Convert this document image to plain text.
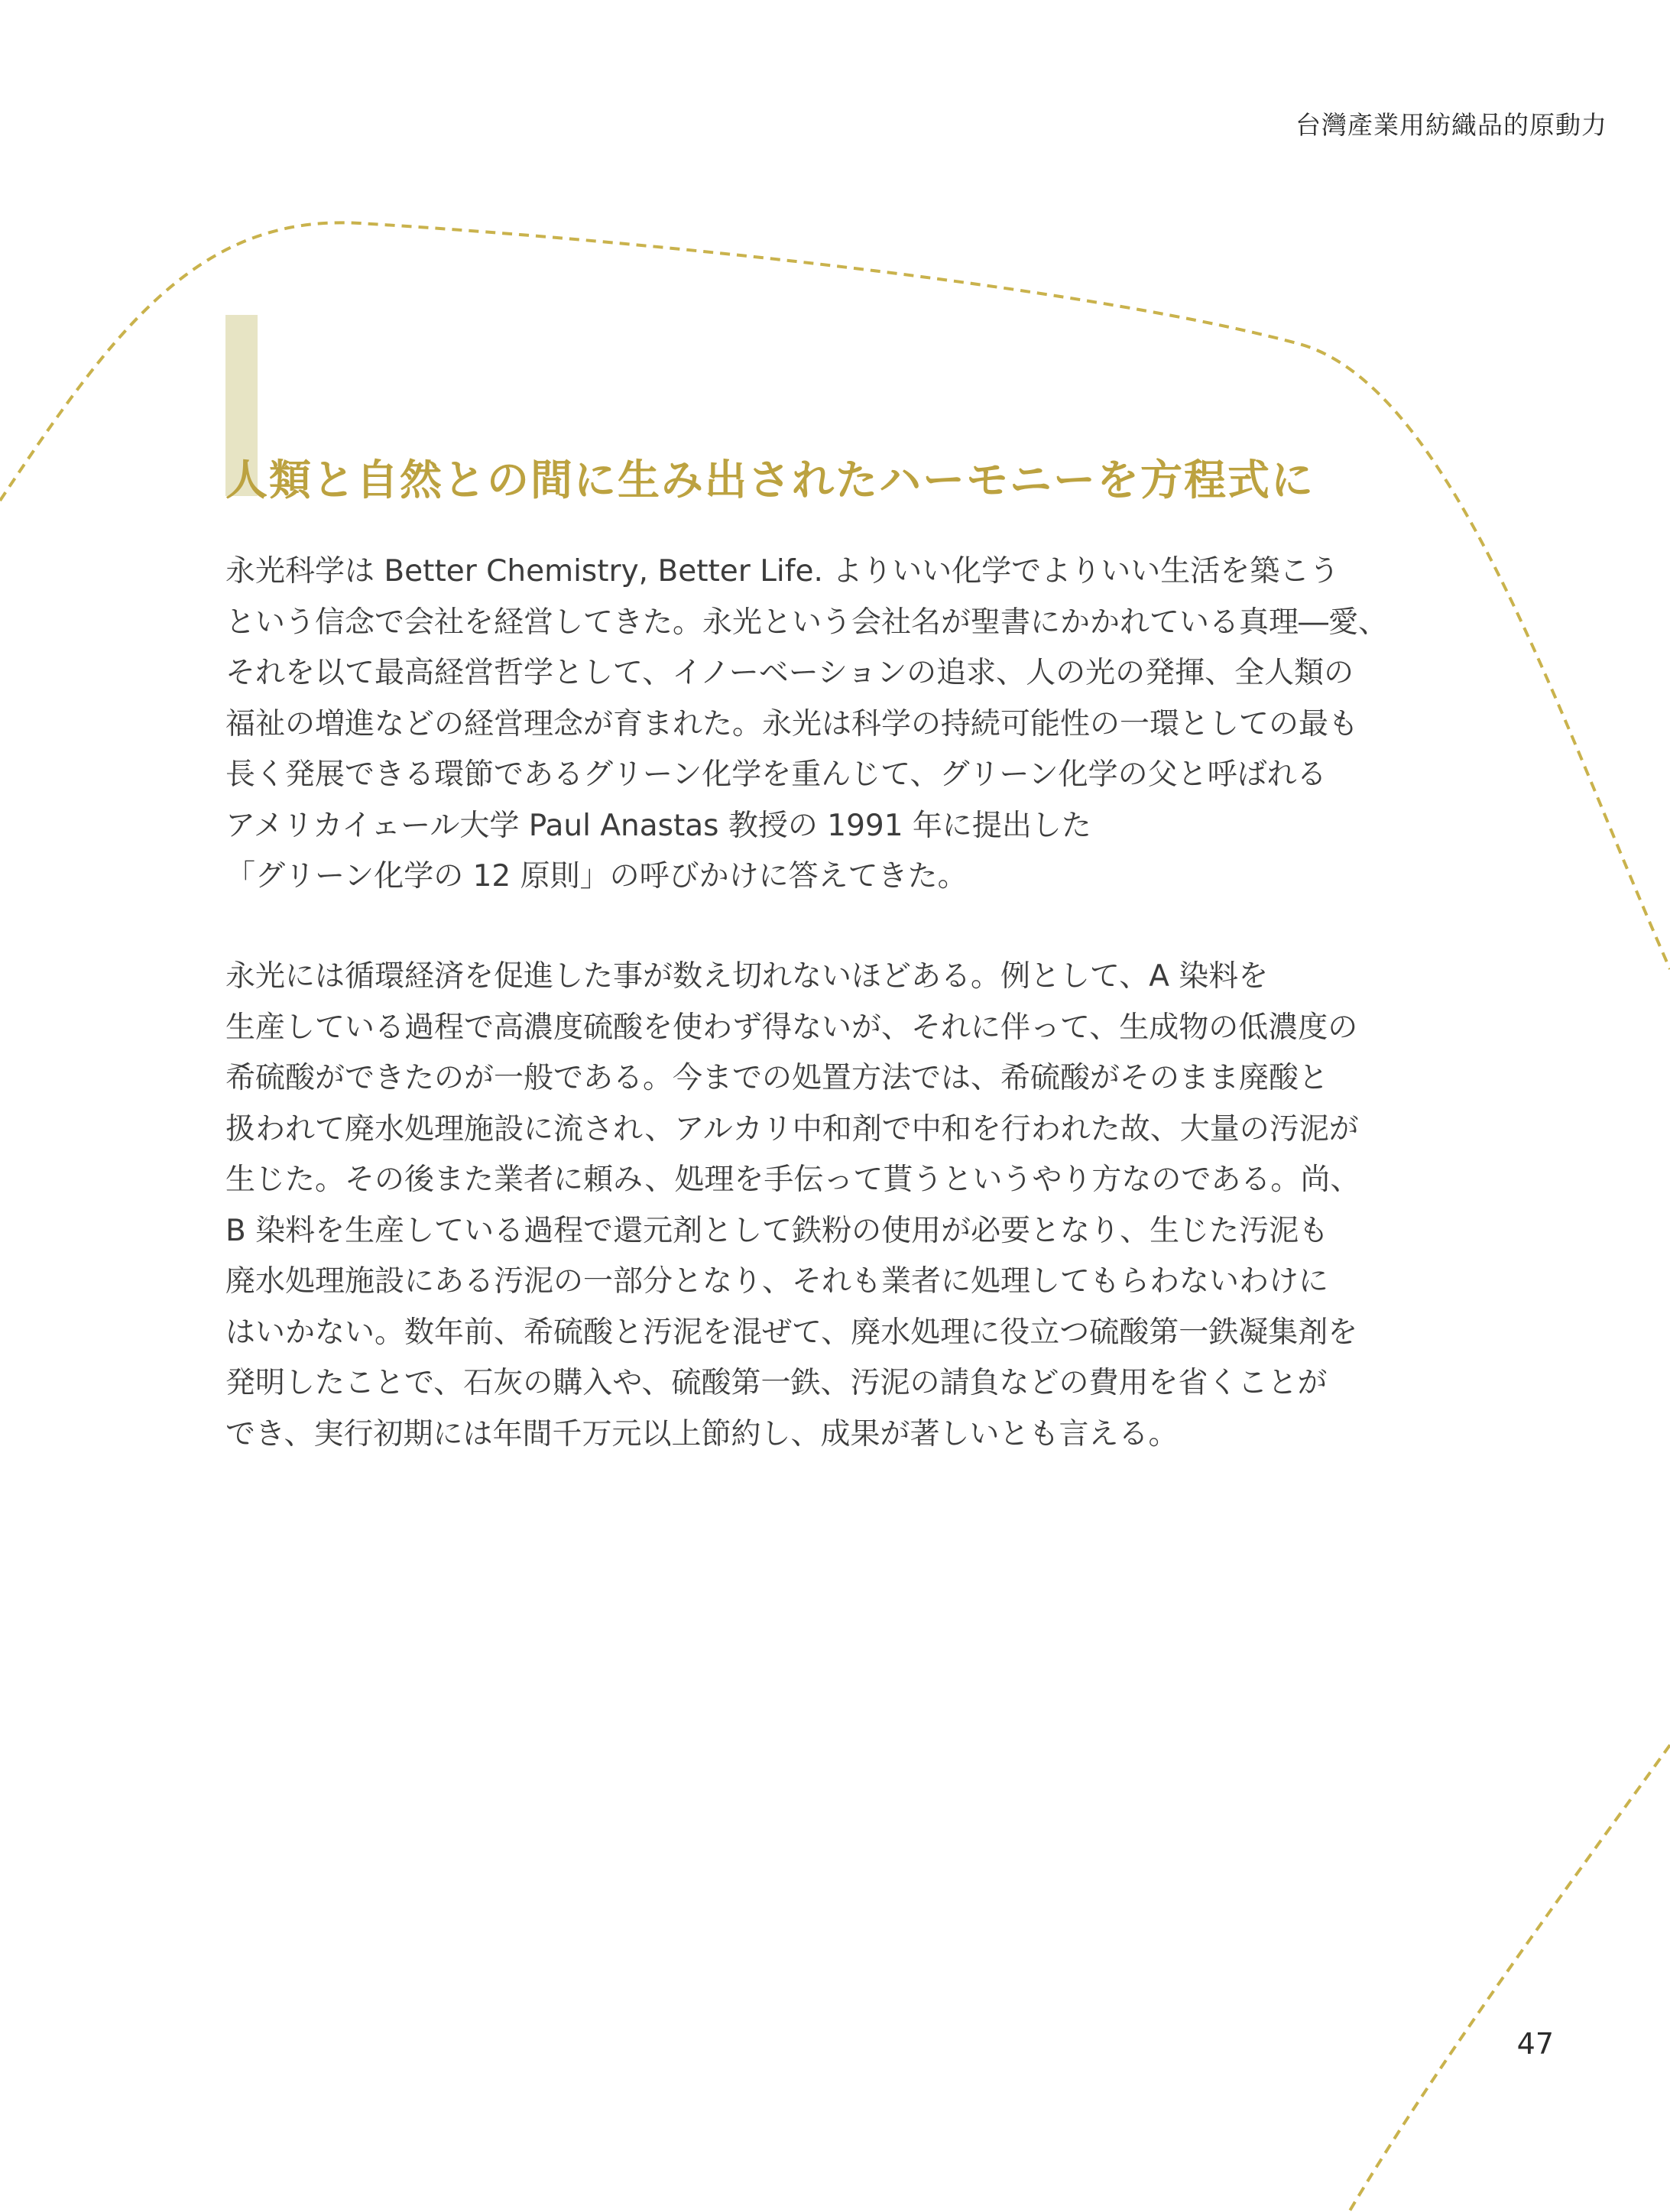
台灣產業用紡織品的原動力
人類と自然との間に生み出されたハーモニーを方程式に
永光科学は Better Chemistry, Better Life. よりいい化学でよりいい生活を築こう
という信念で会社を経営してきた。永光という会社名が聖書にかかれている真理―愛、
それを以て最高経営哲学として、イノーベーションの追求、人の光の発揮、全人類の
福祉の増進などの経営理念が育まれた。永光は科学の持続可能性の一環としての最も
長く発展できる環節であるグリーン化学を重んじて、グリーン化学の父と呼ばれる
アメリカイェール大学 Paul Anastas 教授の 1991 年に提出した
「グリーン化学の 12 原則」の呼びかけに答えてきた。
永光には循環経済を促進した事が数え切れないほどある。例として、A 染料を
生産している過程で高濃度硫酸を使わず得ないが、それに伴って、生成物の低濃度の
希硫酸ができたのが一般である。今までの処置方法では、希硫酸がそのまま廃酸と
扱われて廃水処理施設に流され、アルカリ中和剤で中和を行われた故、大量の汚泥が
生じた。その後また業者に頼み、処理を手伝って貰うというやり方なのである。尚、
B 染料を生産している過程で還元剤として鉄粉の使用が必要となり、生じた汚泥も
廃水処理施設にある汚泥の一部分となり、それも業者に処理してもらわないわけに
はいかない。数年前、希硫酸と汚泥を混ぜて、廃水処理に役立つ硫酸第一鉄凝集剤を
発明したことで、石灰の購入や、硫酸第一鉄、汚泥の請負などの費用を省くことが
でき、実行初期には年間千万元以上節約し、成果が著しいとも言える。
47
